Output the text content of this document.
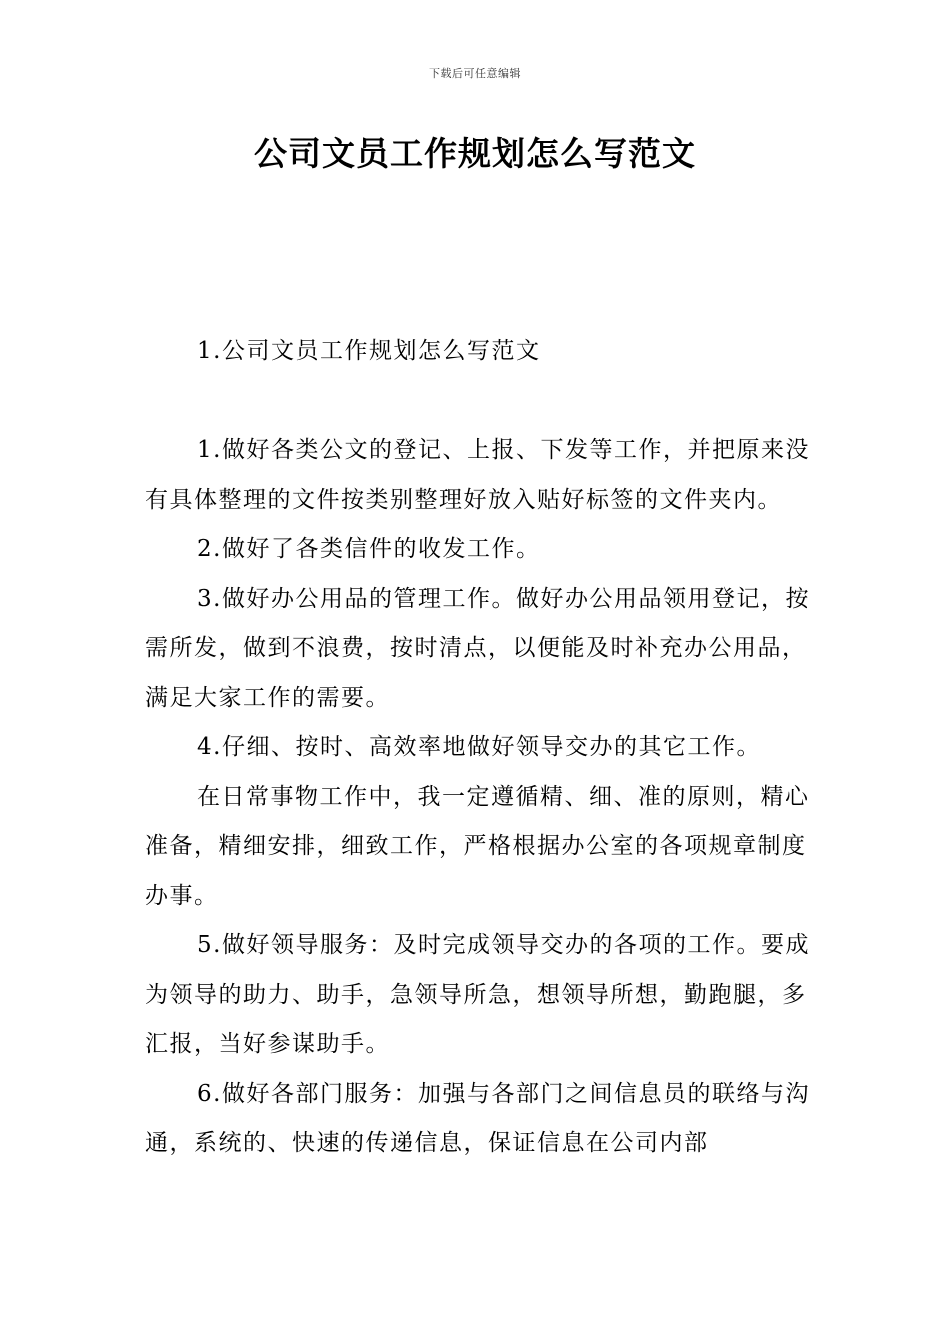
下载后可任意编辑
公司文员工作规划怎么写范文

1.公司文员工作规划怎么写范文

1.做好各类公文的登记、上报、下发等工作，并把原来没有具体整理的文件按类别整理好放入贴好标签的文件夹内。

2.做好了各类信件的收发工作。

3.做好办公用品的管理工作。做好办公用品领用登记，按需所发，做到不浪费，按时清点，以便能及时补充办公用品，满足大家工作的需要。

4.仔细、按时、高效率地做好领导交办的其它工作。

在日常事物工作中，我一定遵循精、细、准的原则，精心准备，精细安排，细致工作，严格根据办公室的各项规章制度办事。

5.做好领导服务：及时完成领导交办的各项的工作。要成为领导的助力、助手，急领导所急，想领导所想，勤跑腿，多汇报，当好参谋助手。

6.做好各部门服务：加强与各部门之间信息员的联络与沟通，系统的、快速的传递信息，保证信息在公司内部
